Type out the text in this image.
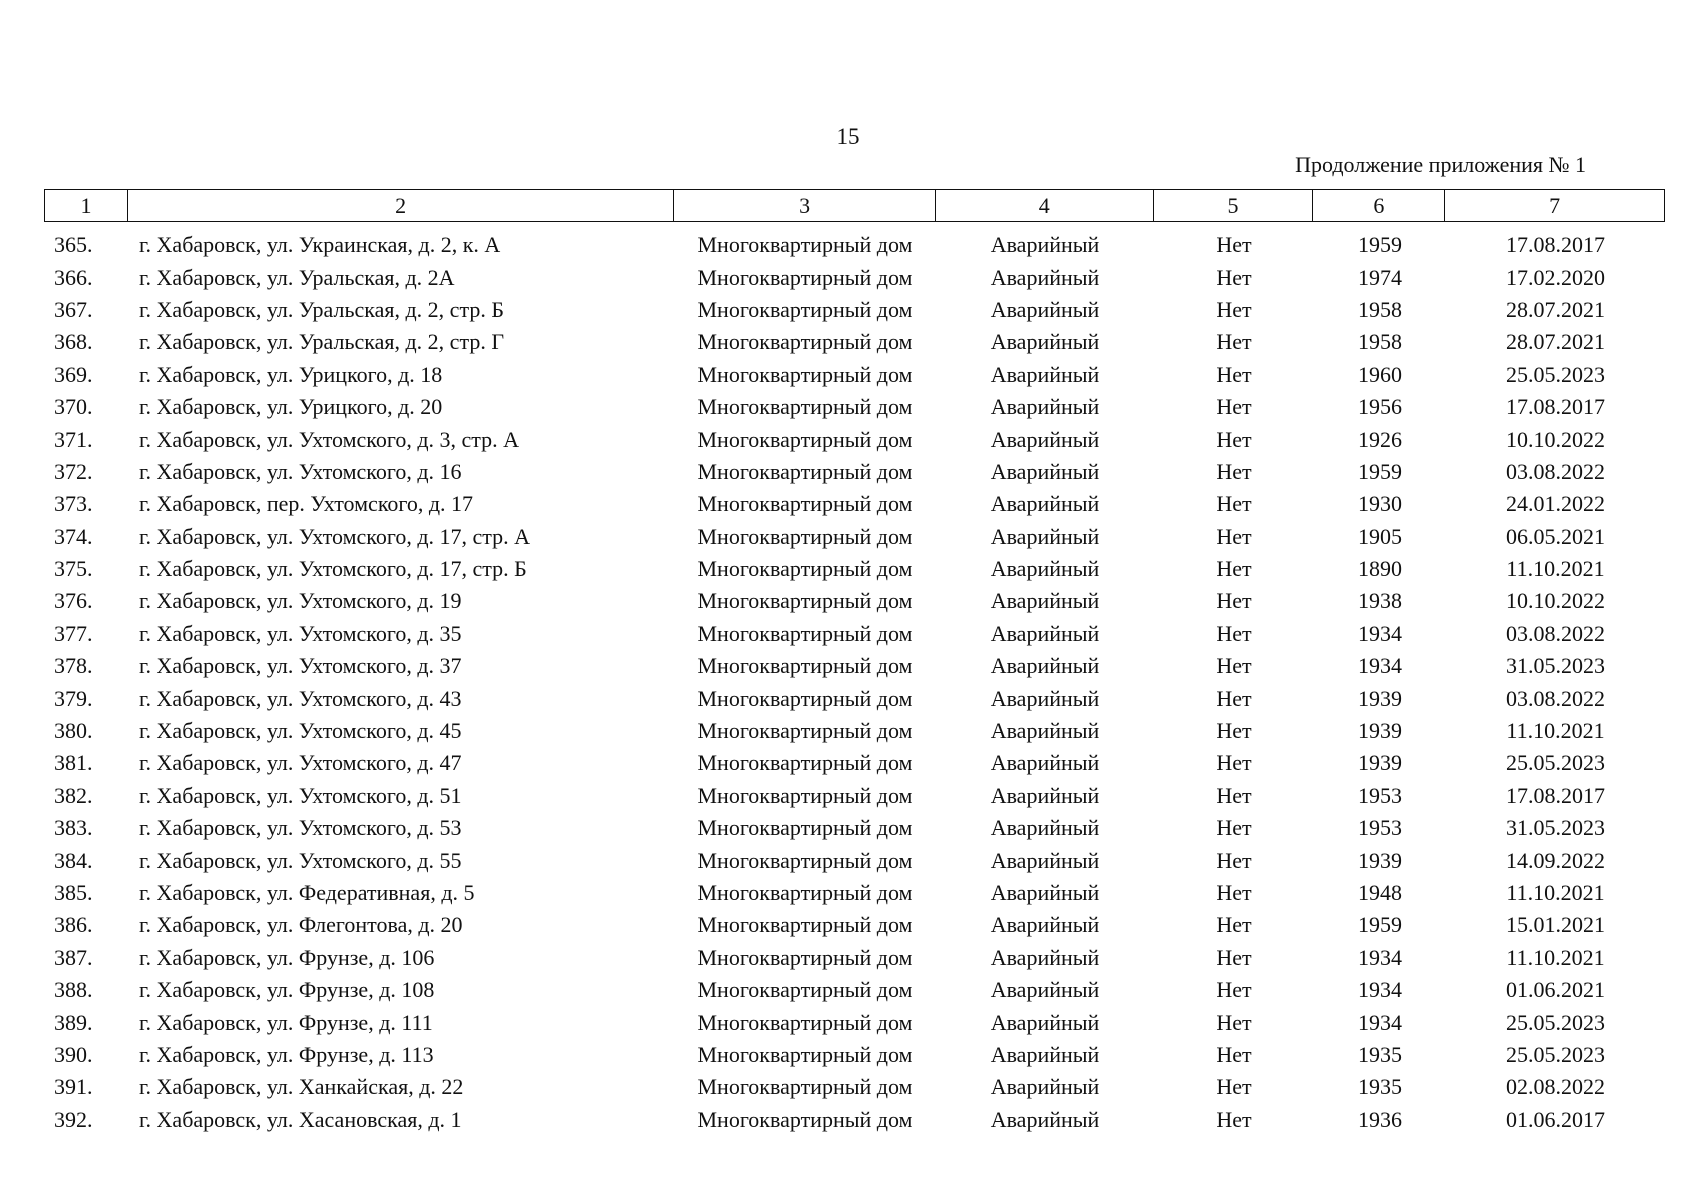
15
Продолжение приложения № 1
1	2	3	4	5	6	7
365.	г. Хабаровск, ул. Украинская, д. 2, к. А	Многоквартирный дом	Аварийный	Нет	1959	17.08.2017
366.	г. Хабаровск, ул. Уральская, д. 2А	Многоквартирный дом	Аварийный	Нет	1974	17.02.2020
367.	г. Хабаровск, ул. Уральская, д. 2, стр. Б	Многоквартирный дом	Аварийный	Нет	1958	28.07.2021
368.	г. Хабаровск, ул. Уральская, д. 2, стр. Г	Многоквартирный дом	Аварийный	Нет	1958	28.07.2021
369.	г. Хабаровск, ул. Урицкого, д. 18	Многоквартирный дом	Аварийный	Нет	1960	25.05.2023
370.	г. Хабаровск, ул. Урицкого, д. 20	Многоквартирный дом	Аварийный	Нет	1956	17.08.2017
371.	г. Хабаровск, ул. Ухтомского, д. 3, стр. А	Многоквартирный дом	Аварийный	Нет	1926	10.10.2022
372.	г. Хабаровск, ул. Ухтомского, д. 16	Многоквартирный дом	Аварийный	Нет	1959	03.08.2022
373.	г. Хабаровск, пер. Ухтомского, д. 17	Многоквартирный дом	Аварийный	Нет	1930	24.01.2022
374.	г. Хабаровск, ул. Ухтомского, д. 17, стр. А	Многоквартирный дом	Аварийный	Нет	1905	06.05.2021
375.	г. Хабаровск, ул. Ухтомского, д. 17, стр. Б	Многоквартирный дом	Аварийный	Нет	1890	11.10.2021
376.	г. Хабаровск, ул. Ухтомского, д. 19	Многоквартирный дом	Аварийный	Нет	1938	10.10.2022
377.	г. Хабаровск, ул. Ухтомского, д. 35	Многоквартирный дом	Аварийный	Нет	1934	03.08.2022
378.	г. Хабаровск, ул. Ухтомского, д. 37	Многоквартирный дом	Аварийный	Нет	1934	31.05.2023
379.	г. Хабаровск, ул. Ухтомского, д. 43	Многоквартирный дом	Аварийный	Нет	1939	03.08.2022
380.	г. Хабаровск, ул. Ухтомского, д. 45	Многоквартирный дом	Аварийный	Нет	1939	11.10.2021
381.	г. Хабаровск, ул. Ухтомского, д. 47	Многоквартирный дом	Аварийный	Нет	1939	25.05.2023
382.	г. Хабаровск, ул. Ухтомского, д. 51	Многоквартирный дом	Аварийный	Нет	1953	17.08.2017
383.	г. Хабаровск, ул. Ухтомского, д. 53	Многоквартирный дом	Аварийный	Нет	1953	31.05.2023
384.	г. Хабаровск, ул. Ухтомского, д. 55	Многоквартирный дом	Аварийный	Нет	1939	14.09.2022
385.	г. Хабаровск, ул. Федеративная, д. 5	Многоквартирный дом	Аварийный	Нет	1948	11.10.2021
386.	г. Хабаровск, ул. Флегонтова, д. 20	Многоквартирный дом	Аварийный	Нет	1959	15.01.2021
387.	г. Хабаровск, ул. Фрунзе, д. 106	Многоквартирный дом	Аварийный	Нет	1934	11.10.2021
388.	г. Хабаровск, ул. Фрунзе, д. 108	Многоквартирный дом	Аварийный	Нет	1934	01.06.2021
389.	г. Хабаровск, ул. Фрунзе, д. 111	Многоквартирный дом	Аварийный	Нет	1934	25.05.2023
390.	г. Хабаровск, ул. Фрунзе, д. 113	Многоквартирный дом	Аварийный	Нет	1935	25.05.2023
391.	г. Хабаровск, ул. Ханкайская, д. 22	Многоквартирный дом	Аварийный	Нет	1935	02.08.2022
392.	г. Хабаровск, ул. Хасановская, д. 1	Многоквартирный дом	Аварийный	Нет	1936	01.06.2017
